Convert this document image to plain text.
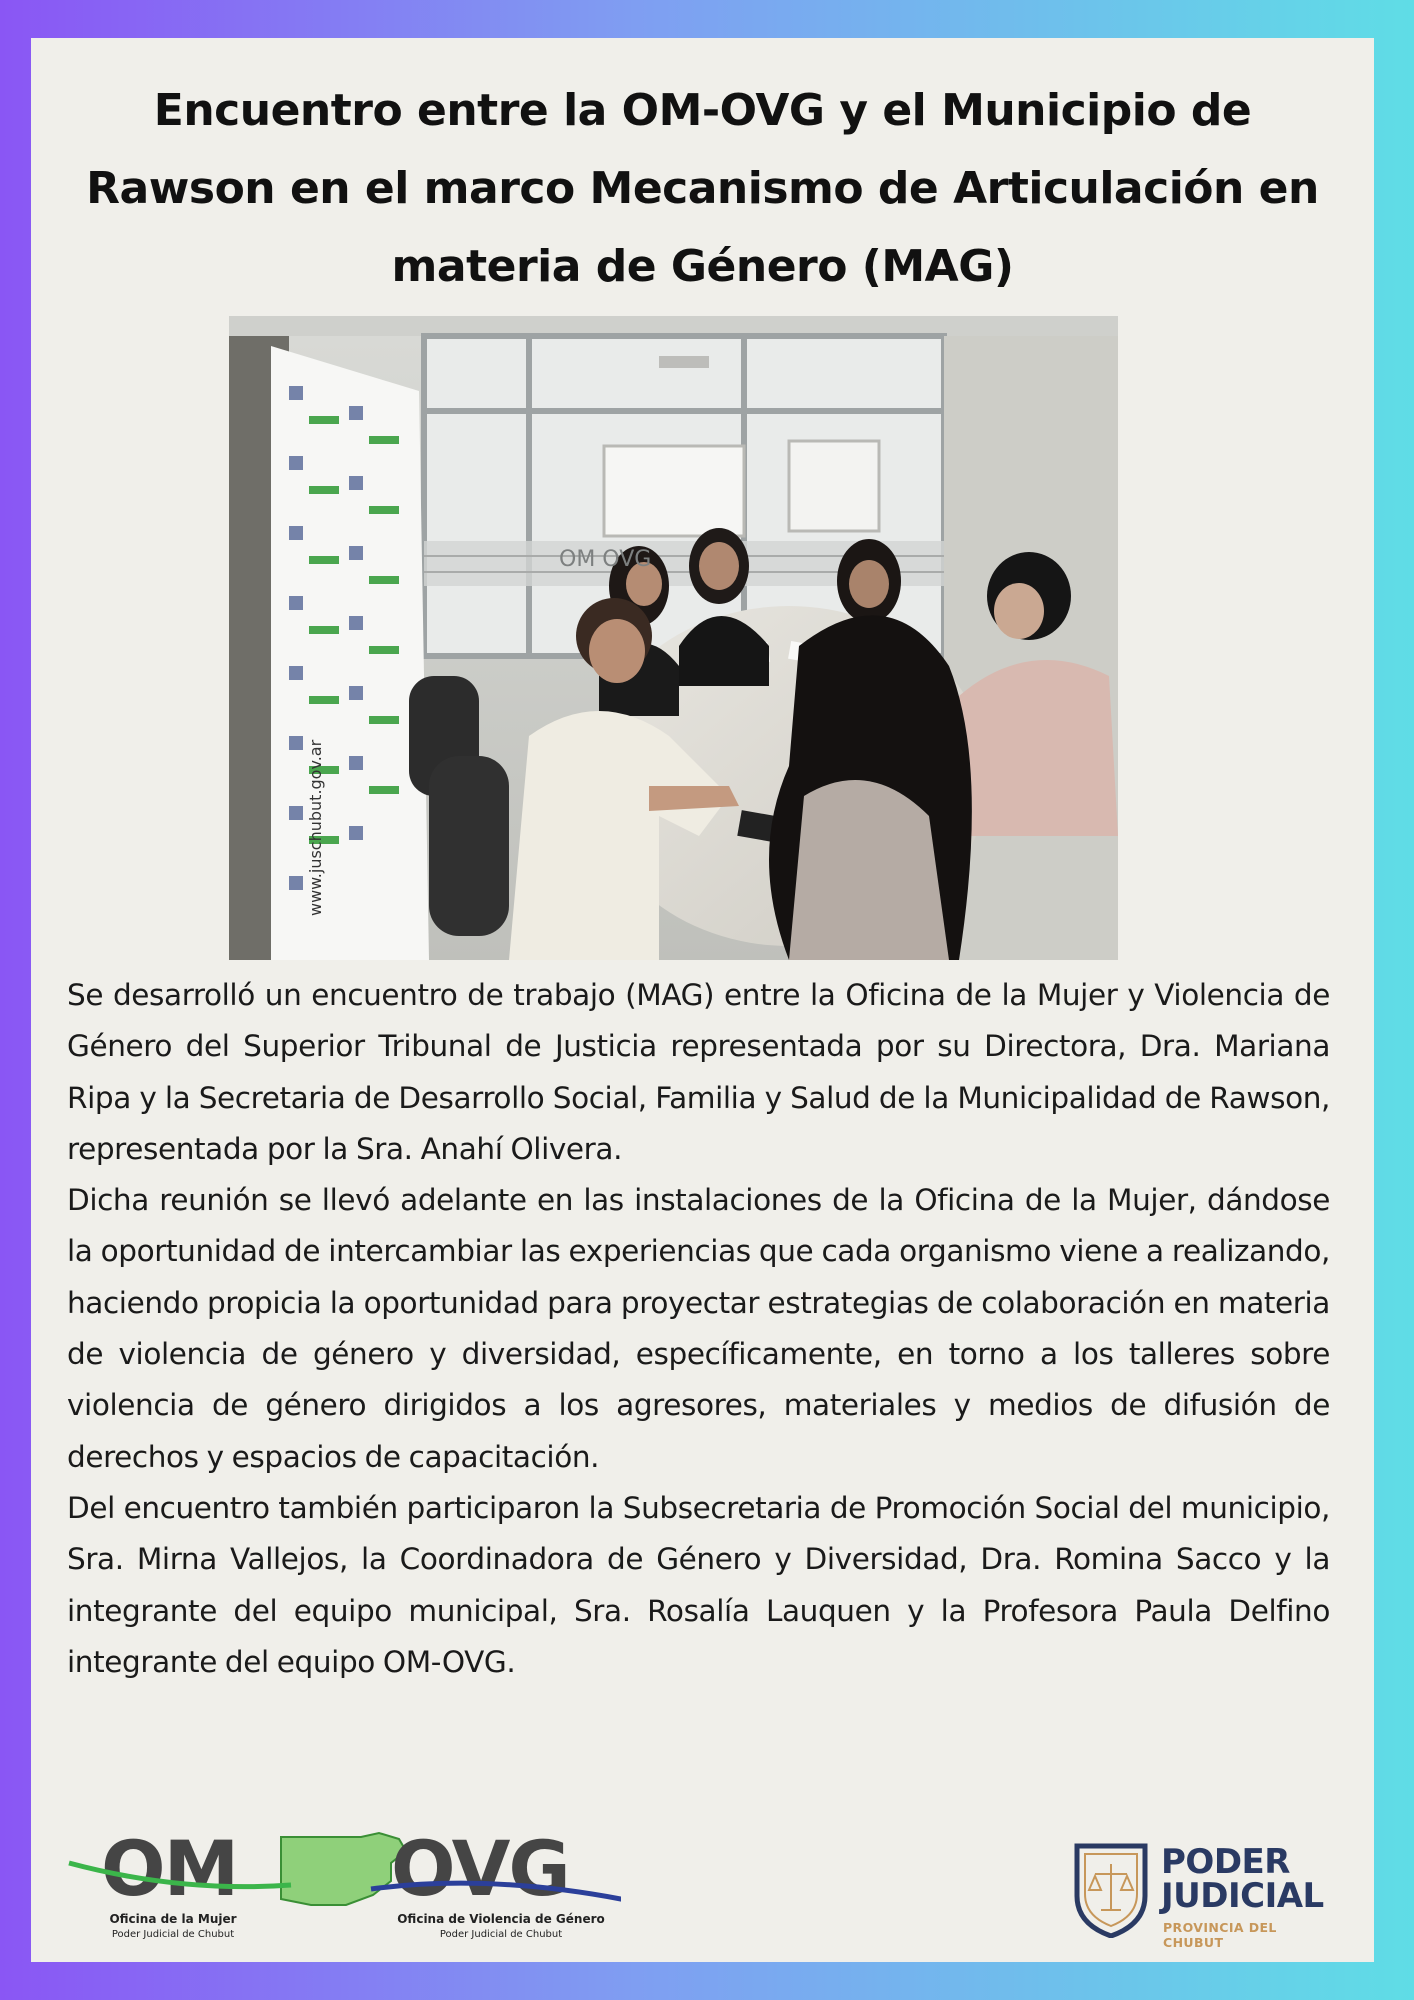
Encuentro entre la OM-OVG y el Municipio de Rawson en el marco Mecanismo de Articulación en materia de Género (MAG)
www.juschubut.gov.ar
OM OVG

Se desarrolló un encuentro de trabajo (MAG) entre la Oficina de la Mujer y Violencia de Género del Superior Tribunal de Justicia representada por su Directora, Dra. Mariana Ripa y la Secretaria de Desarrollo Social, Familia y Salud de la Municipalidad de Rawson, representada por la Sra. Anahí Olivera.

Dicha reunión se llevó adelante en las instalaciones de la Oficina de la Mujer, dándose la oportunidad de intercambiar las experiencias que cada organismo viene a realizando, haciendo propicia la oportunidad para proyectar estrategias de colaboración en materia de violencia de género y diversidad, específicamente, en torno a los talleres sobre violencia de género dirigidos a los agresores, materiales y medios de difusión de derechos y espacios de capacitación.

Del encuentro también participaron la Subsecretaria de Promoción Social del municipio, Sra. Mirna Vallejos, la Coordinadora de Género y Diversidad, Dra. Romina Sacco y la integrante del equipo municipal, Sra. Rosalía Lauquen y la Profesora Paula Delfino integrante del equipo OM-OVG.

OM OVG
Oficina de la Mujer
Poder Judicial de Chubut
Oficina de Violencia de Género
Poder Judicial de Chubut
PODER
JUDICIAL
PROVINCIA DEL CHUBUT
